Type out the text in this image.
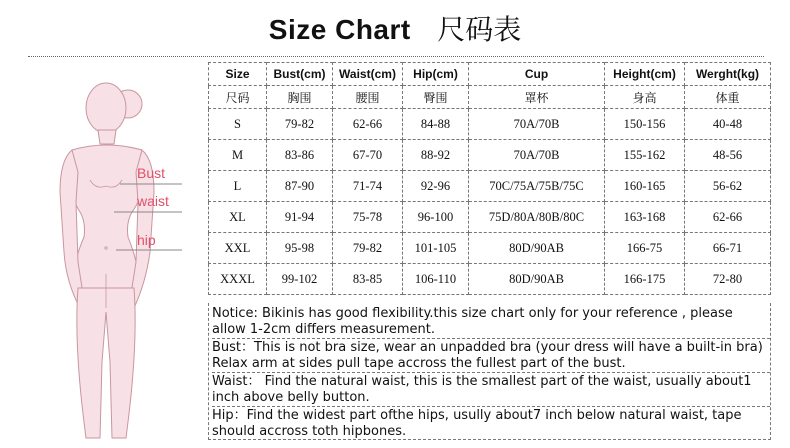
Size Chart 尺码表
Bust
waist
hip
Size	Bust(cm)	Waist(cm)	Hip(cm)	Cup	Height(cm)	Werght(kg)
尺码	胸围	腰围	臀围	罩杯	身高	体重
S	79-82	62-66	84-88	70A/70B	150-156	40-48
M	83-86	67-70	88-92	70A/70B	155-162	48-56
L	87-90	71-74	92-96	70C/75A/75B/75C	160-165	56-62
XL	91-94	75-78	96-100	75D/80A/80B/80C	163-168	62-66
XXL	95-98	79-82	101-105	80D/90AB	166-75	66-71
XXXL	99-102	83-85	106-110	80D/90AB	166-175	72-80

Notice: Bikinis has good flexibility.this size chart only for your reference , please allow 1-2cm differs measurement.

Bust：This is not bra size, wear an unpadded bra (your dress will have a built-in bra) Relax arm at sides pull tape accross the fullest part of the bust.

Waist： Find the natural waist, this is the smallest part of the waist, usually about1 inch above belly button.

Hip：Find the widest part ofthe hips, usully about7 inch below natural waist, tape should accross toth hipbones.
